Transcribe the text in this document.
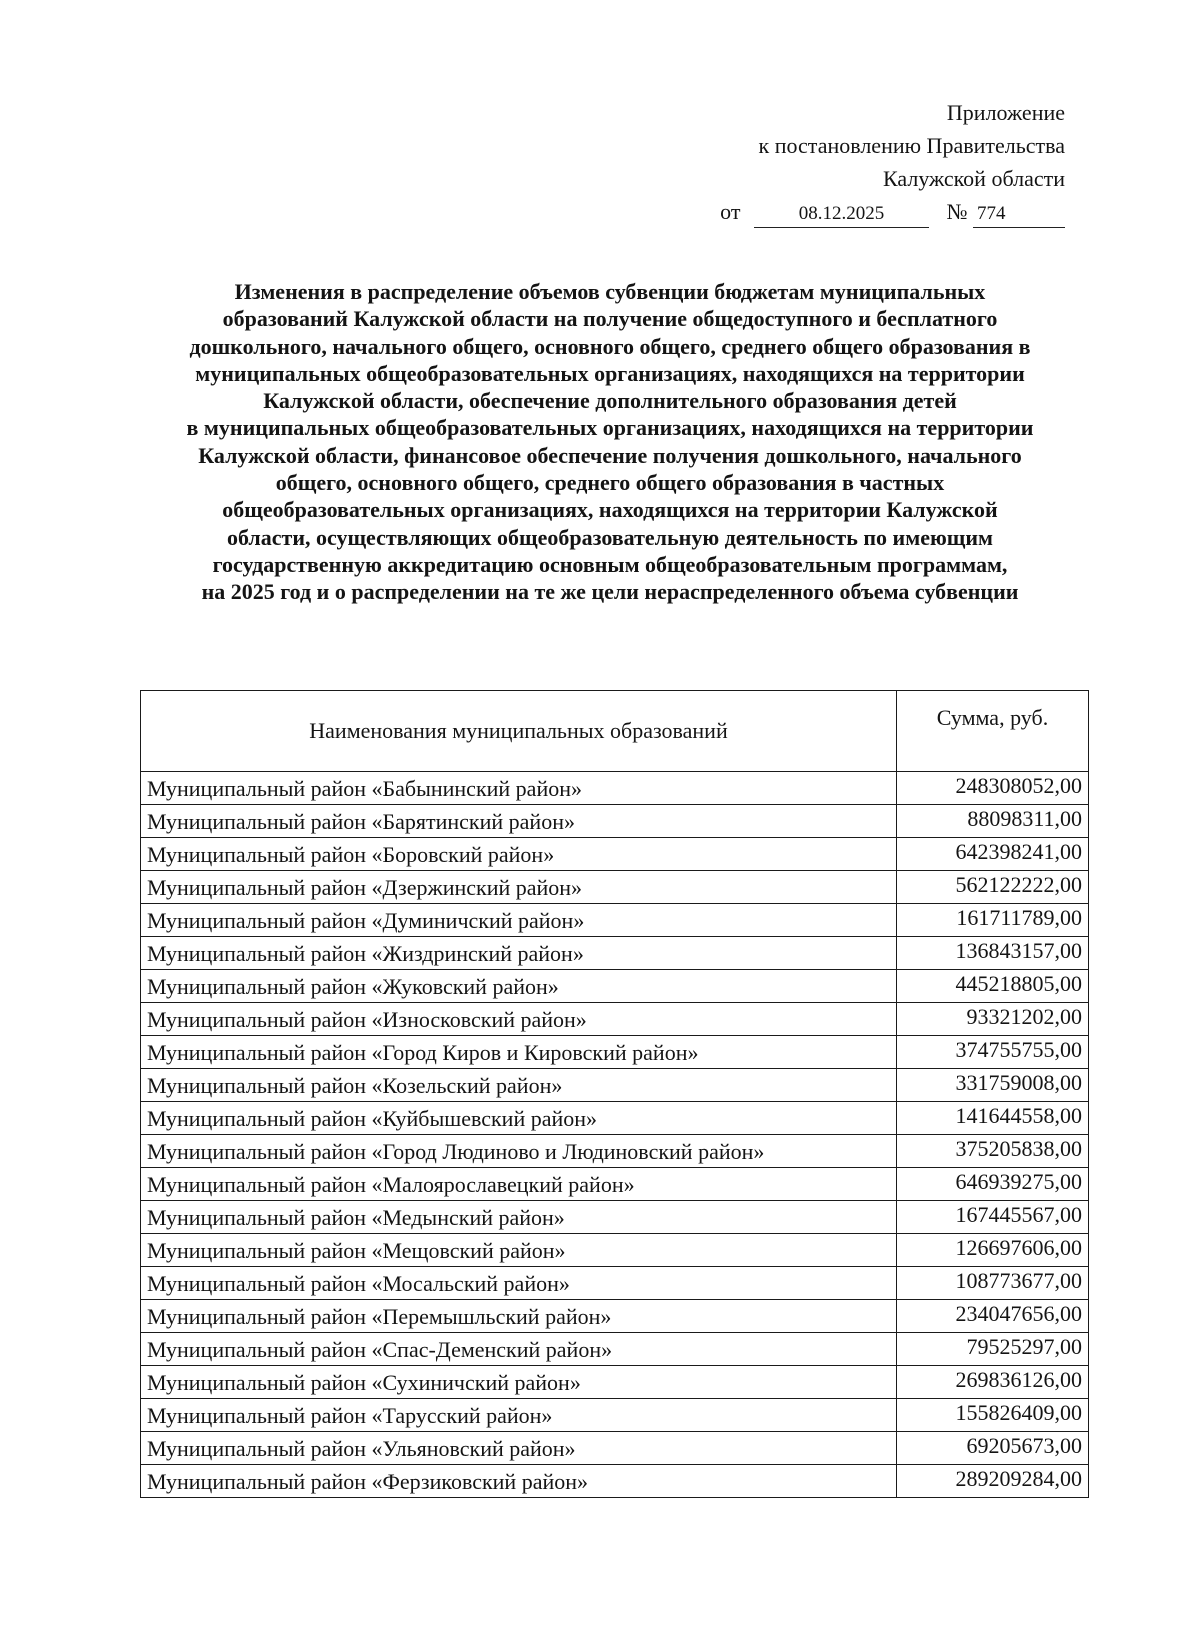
Приложение
к постановлению Правительства
Калужской области
от	08.12.2025	№ 774
Изменения в распределение объемов субвенции бюджетам муниципальных
образований Калужской области на получение общедоступного и бесплатного
дошкольного, начального общего, основного общего, среднего общего образования в
муниципальных общеобразовательных организациях, находящихся на территории
Калужской области, обеспечение дополнительного образования детей
в муниципальных общеобразовательных организациях, находящихся на территории
Калужской области, финансовое обеспечение получения дошкольного, начального
общего, основного общего, среднего общего образования в частных
общеобразовательных организациях, находящихся на территории Калужской
области, осуществляющих общеобразовательную деятельность по имеющим
государственную аккредитацию основным общеобразовательным программам,
на 2025 год и о распределении на те же цели нераспределенного объема субвенции
Наименования муниципальных образований	Сумма, руб.
Муниципальный район «Бабынинский район»	248308052,00
Муниципальный район «Барятинский район»	88098311,00
Муниципальный район «Боровский район»	642398241,00
Муниципальный район «Дзержинский район»	562122222,00
Муниципальный район «Думиничский район»	161711789,00
Муниципальный район «Жиздринский район»	136843157,00
Муниципальный район «Жуковский район»	445218805,00
Муниципальный район «Износковский район»	93321202,00
Муниципальный район «Город Киров и Кировский район»	374755755,00
Муниципальный район «Козельский район»	331759008,00
Муниципальный район «Куйбышевский район»	141644558,00
Муниципальный район «Город Людиново и Людиновский район»	375205838,00
Муниципальный район «Малоярославецкий район»	646939275,00
Муниципальный район «Медынский район»	167445567,00
Муниципальный район «Мещовский район»	126697606,00
Муниципальный район «Мосальский район»	108773677,00
Муниципальный район «Перемышльский район»	234047656,00
Муниципальный район «Спас-Деменский район»	79525297,00
Муниципальный район «Сухиничский район»	269836126,00
Муниципальный район «Тарусский район»	155826409,00
Муниципальный район «Ульяновский район»	69205673,00
Муниципальный район «Ферзиковский район»	289209284,00
